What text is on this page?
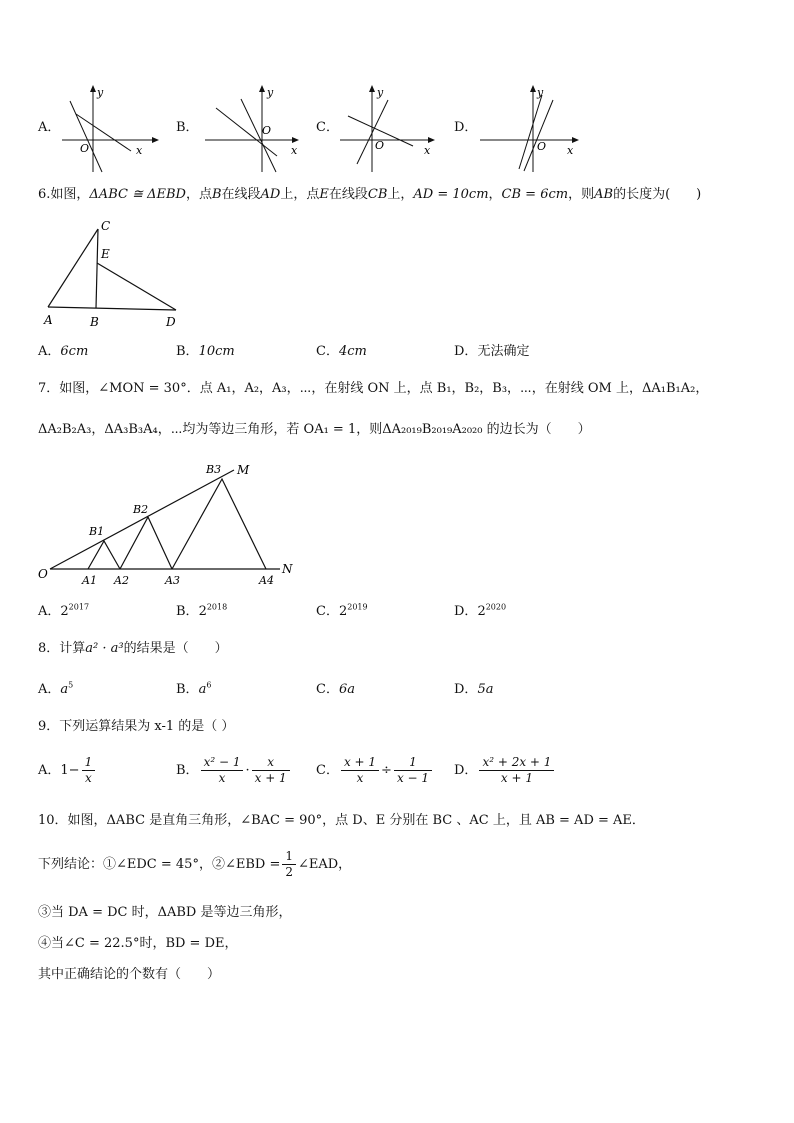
A．	B．	C．	D．
y
x
O
y
x
O
y
x
O
y
x
O
6.如图，ΔABC ≅ ΔEBD，点B在线段AD上，点E在线段CB上，AD = 10cm，CB = 6cm，则AB的长度为(　　)
C
E
A	B	D
A．6cm	B．10cm	C．4cm	D．无法确定
7．如图，∠MON = 30°．点 A₁，A₂，A₃，⋯，在射线 ON 上，点 B₁，B₂，B₃，⋯，在射线 OM 上，ΔA₁B₁A₂，
ΔA₂B₂A₃，ΔA₃B₃A₄，⋯均为等边三角形，若 OA₁ = 1，则ΔA₂₀₁₉B₂₀₁₉A₂₀₂₀ 的边长为（　　）
O
M
N
A1 A2	A3	A4
B1
B2
B3
A．$2^{2017}$	B．$2^{2018}$	C．$2^{2019}$	D．$2^{2020}$
8．计算a² · a³的结果是（　　）
A．$a^5$	B．$a^6$	C．6a	D．5a
9．下列运算结果为 x-1 的是（ ）
A．$1- \frac{1}{x}$	B． $\frac{\text{x² − 1}}{x} \cdot \frac{x}{x + 1}$ C． $\frac{x + 1}{x} \div \frac{1}{x - 1}$ D． $\frac{\text{x² + 2x + 1}}{x + 1}$
10．如图，ΔABC 是直角三角形，∠BAC = 90°，点 D、E 分别在 BC 、AC 上，且 AB = AD = AE．
下列结论：①∠EDC = 45°，②∠EBD = $\frac{1}{2}$ ∠EAD，
③当 DA = DC 时，ΔABD 是等边三角形，
④当∠C = 22.5°时，BD = DE，
其中正确结论的个数有（　　）
